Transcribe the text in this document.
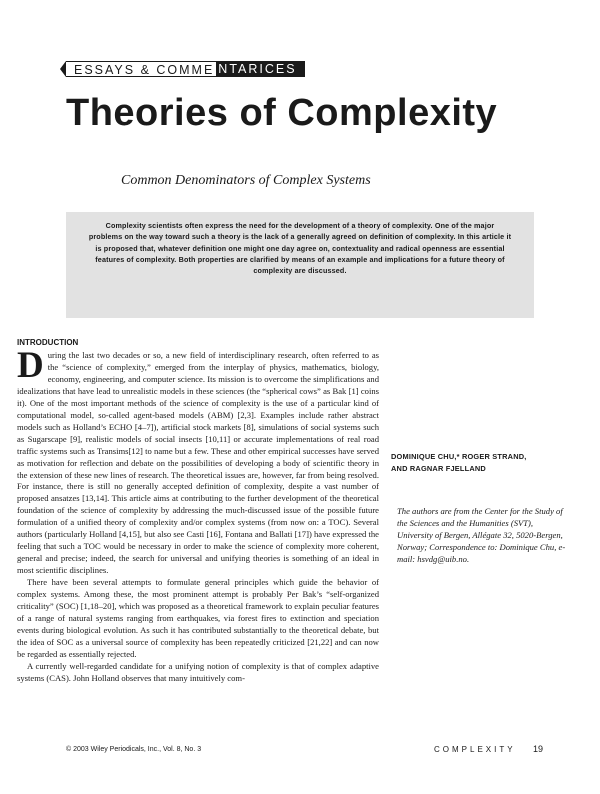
ESSAYS & COMME NTARICES
Theories of Complexity
Common Denominators of Complex Systems
Complexity scientists often express the need for the development of a theory of complexity. One of the major problems on the way toward such a theory is the lack of a generally agreed on definition of complexity. In this article it is proposed that, whatever definition one might one day agree on, contextuality and radical openness are essential features of complexity. Both properties are clarified by means of an example and implications for a future theory of complexity are discussed.
INTRODUCTION

During the last two decades or so, a new field of interdisciplinary research, often referred to as the “science of complexity,” emerged from the interplay of physics, mathematics, biology, economy, engineering, and computer science. Its mission is to overcome the simplifications and idealizations that have lead to unrealistic models in these sciences (the “spherical cows” as Bak [1] coins it). One of the most important methods of the science of complexity is the use of a particular kind of computational model, so-called agent-based models (ABM) [2,3]. Examples include rather abstract models such as Holland’s ECHO [4–7]), artificial stock markets [8], simulations of social systems such as Sugarscape [9], realistic models of social insects [10,11] or accurate implementations of real road traffic systems such as Transims[12] to name but a few. These and other empirical successes have served as motivation for reflection and debate on the possibilities of developing a body of scientific theory in the extension of these new lines of research. The theoretical issues are, however, far from being resolved. For instance, there is still no generally accepted definition of complexity, despite a vast number of proposed ansatzes [13,14]. This article aims at contributing to the further development of the theoretical foundation of the science of complexity by addressing the much-discussed issue of the possible future formulation of a unified theory of complexity and/or complex systems (from now on: a TOC). Several authors (particularly Holland [4,15], but also see Casti [16], Fontana and Ballati [17]) have expressed the feeling that such a TOC would be necessary in order to make the science of complexity more coherent, general and precise; indeed, the search for universal and unifying theories is something of an ideal in most scientific disciplines.

There have been several attempts to formulate general principles which guide the behavior of complex systems. Among these, the most prominent attempt is probably Per Bak’s “self-organized criticality” (SOC) [1,18–20], which was proposed as a theoretical framework to explain peculiar features of a range of natural systems ranging from earthquakes, via forest fires to extinction and speciation events during biological evolution. As such it has contributed substantially to the theoretical debate, but the idea of SOC as a universal source of complexity has been repeatedly criticized [21,22] and can now be regarded as essentially rejected.

A currently well-regarded candidate for a unifying notion of complexity is that of complex adaptive systems (CAS). John Holland observes that many intuitively com-

DOMINIQUE CHU,* ROGER STRAND,
AND RAGNAR FJELLAND
The authors are from the Center for the Study of the Sciences and the Humanities (SVT), University of Bergen, Allégate 32, 5020-Bergen, Norway; Correspondence to: Dominique Chu, e-mail: hsvdg@uib.no.
© 2003 Wiley Periodicals, Inc., Vol. 8, No. 3	COMPLEXITY 19
